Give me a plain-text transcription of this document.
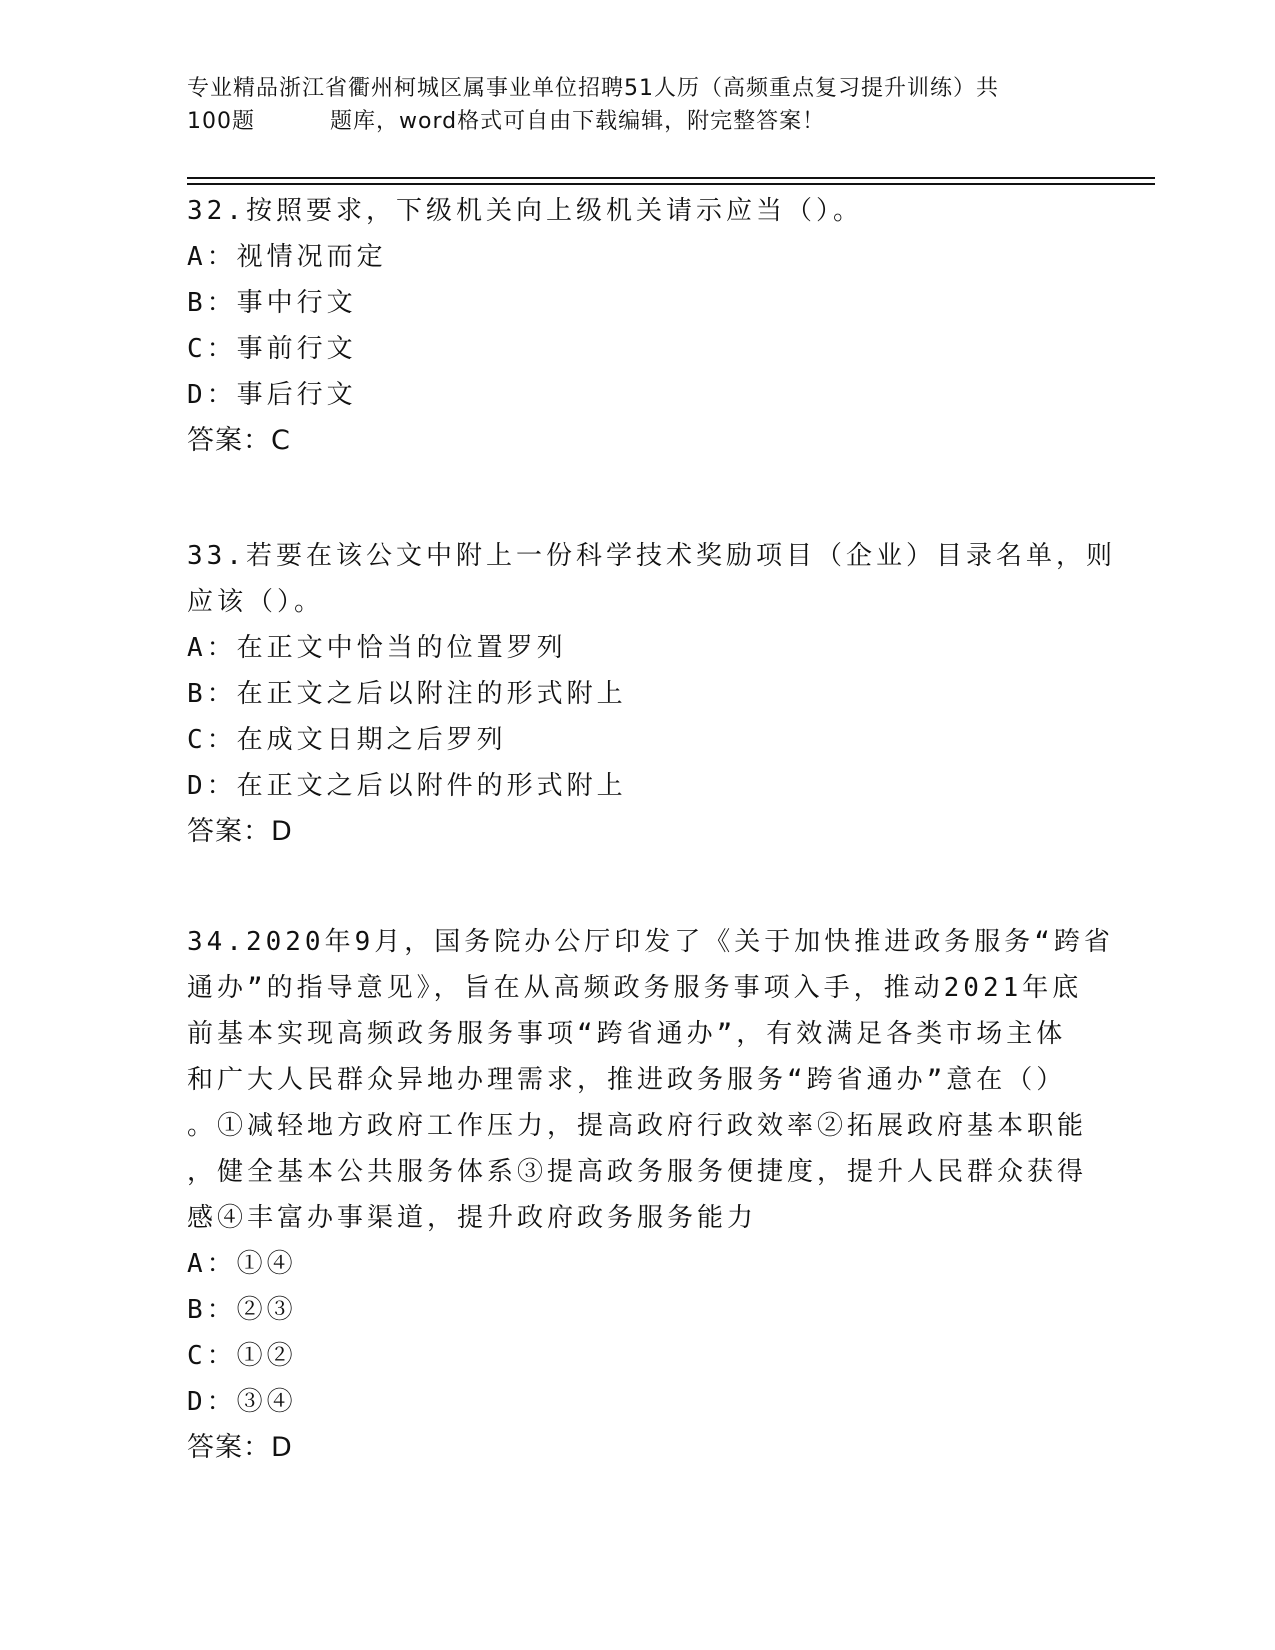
专业精品浙江省衢州柯城区属事业单位招聘51人历（高频重点复习提升训练）共
100题	题库，word格式可自由下载编辑，附完整答案！
32.按照要求，下级机关向上级机关请示应当（）。
A：视情况而定
B：事中行文
C：事前行文
D：事后行文
答案：C
33.若要在该公文中附上一份科学技术奖励项目（企业）目录名单，则
应该（）。
A：在正文中恰当的位置罗列
B：在正文之后以附注的形式附上
C：在成文日期之后罗列
D：在正文之后以附件的形式附上
答案：D
34.2020年9月，国务院办公厅印发了《关于加快推进政务服务“跨省
通办”的指导意见》，旨在从高频政务服务事项入手，推动2021年底
前基本实现高频政务服务事项“跨省通办”，有效满足各类市场主体
和广大人民群众异地办理需求，推进政务服务“跨省通办”意在（）
。①减轻地方政府工作压力，提高政府行政效率②拓展政府基本职能
，健全基本公共服务体系③提高政务服务便捷度，提升人民群众获得
感④丰富办事渠道，提升政府政务服务能力
A：①④
B：②③
C：①②
D：③④
答案：D
